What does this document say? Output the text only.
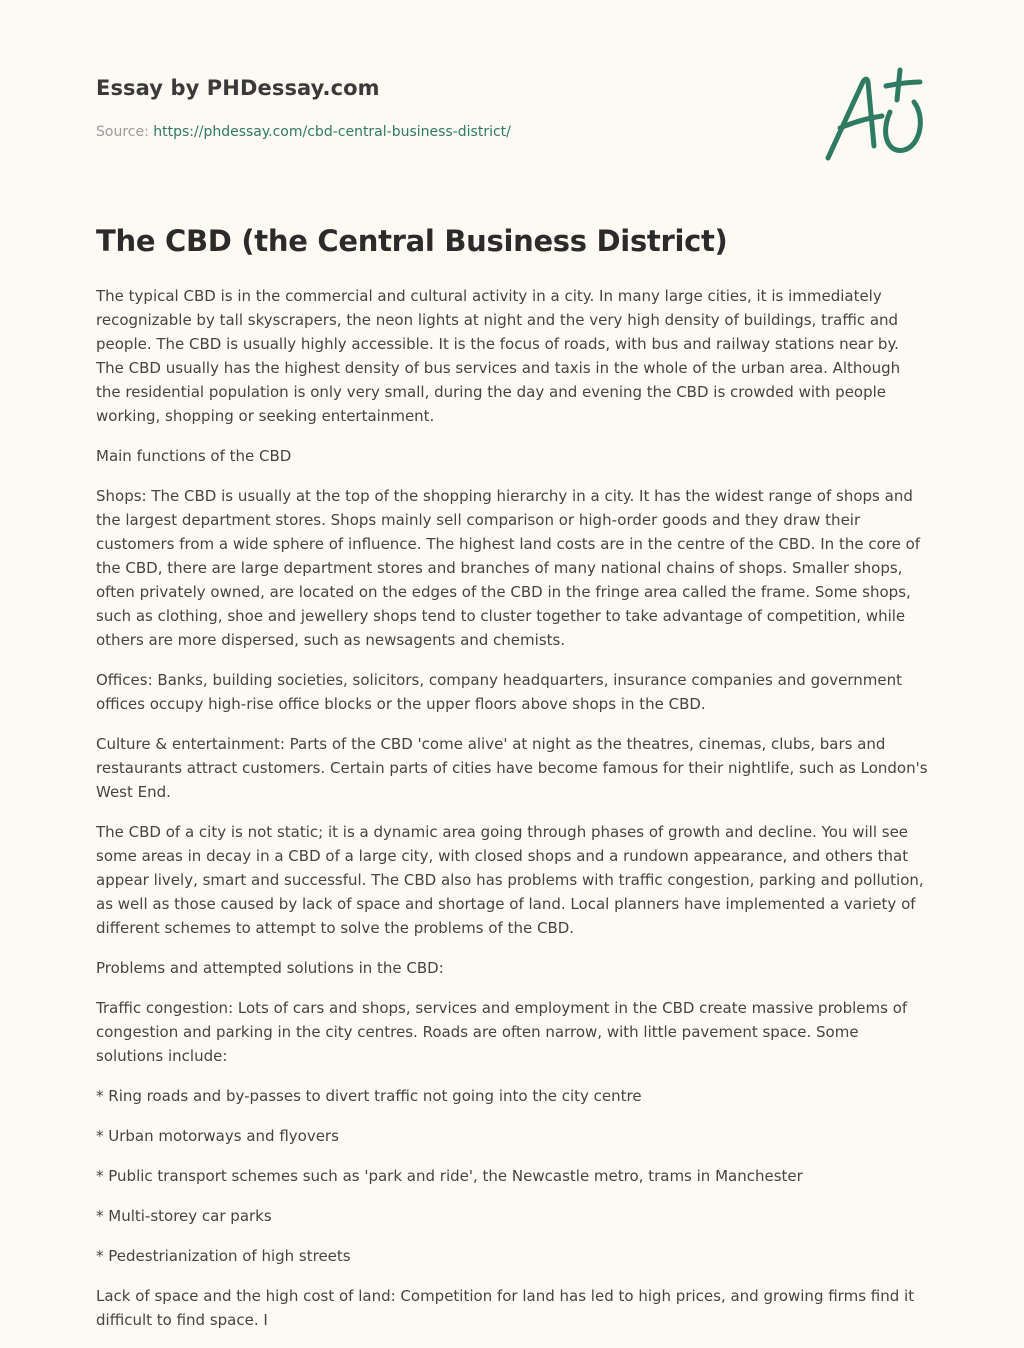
Essay by PHDessay.com
Source: https://phdessay.com/cbd-central-business-district/
The CBD (the Central Business District)

The typical CBD is in the commercial and cultural activity in a city. In many large cities, it is immediately recognizable by tall skyscrapers, the neon lights at night and the very high density of buildings, traffic and people. The CBD is usually highly accessible. It is the focus of roads, with bus and railway stations near by. The CBD usually has the highest density of bus services and taxis in the whole of the urban area. Although the residential population is only very small, during the day and evening the CBD is crowded with people working, shopping or seeking entertainment.

Main functions of the CBD

Shops: The CBD is usually at the top of the shopping hierarchy in a city. It has the widest range of shops and the largest department stores. Shops mainly sell comparison or high-order goods and they draw their customers from a wide sphere of influence. The highest land costs are in the centre of the CBD. In the core of the CBD, there are large department stores and branches of many national chains of shops. Smaller shops, often privately owned, are located on the edges of the CBD in the fringe area called the frame. Some shops, such as clothing, shoe and jewellery shops tend to cluster together to take advantage of competition, while others are more dispersed, such as newsagents and chemists.

Offices: Banks, building societies, solicitors, company headquarters, insurance companies and government offices occupy high-rise office blocks or the upper floors above shops in the CBD.

Culture & entertainment: Parts of the CBD 'come alive' at night as the theatres, cinemas, clubs, bars and restaurants attract customers. Certain parts of cities have become famous for their nightlife, such as London's West End.

The CBD of a city is not static; it is a dynamic area going through phases of growth and decline. You will see some areas in decay in a CBD of a large city, with closed shops and a rundown appearance, and others that appear lively, smart and successful. The CBD also has problems with traffic congestion, parking and pollution, as well as those caused by lack of space and shortage of land. Local planners have implemented a variety of different schemes to attempt to solve the problems of the CBD.

Problems and attempted solutions in the CBD:

Traffic congestion: Lots of cars and shops, services and employment in the CBD create massive problems of congestion and parking in the city centres. Roads are often narrow, with little pavement space. Some solutions include:

* Ring roads and by-passes to divert traffic not going into the city centre

* Urban motorways and flyovers

* Public transport schemes such as 'park and ride', the Newcastle metro, trams in Manchester

* Multi-storey car parks

* Pedestrianization of high streets

Lack of space and the high cost of land: Competition for land has led to high prices, and growing firms find it difficult to find space. I
